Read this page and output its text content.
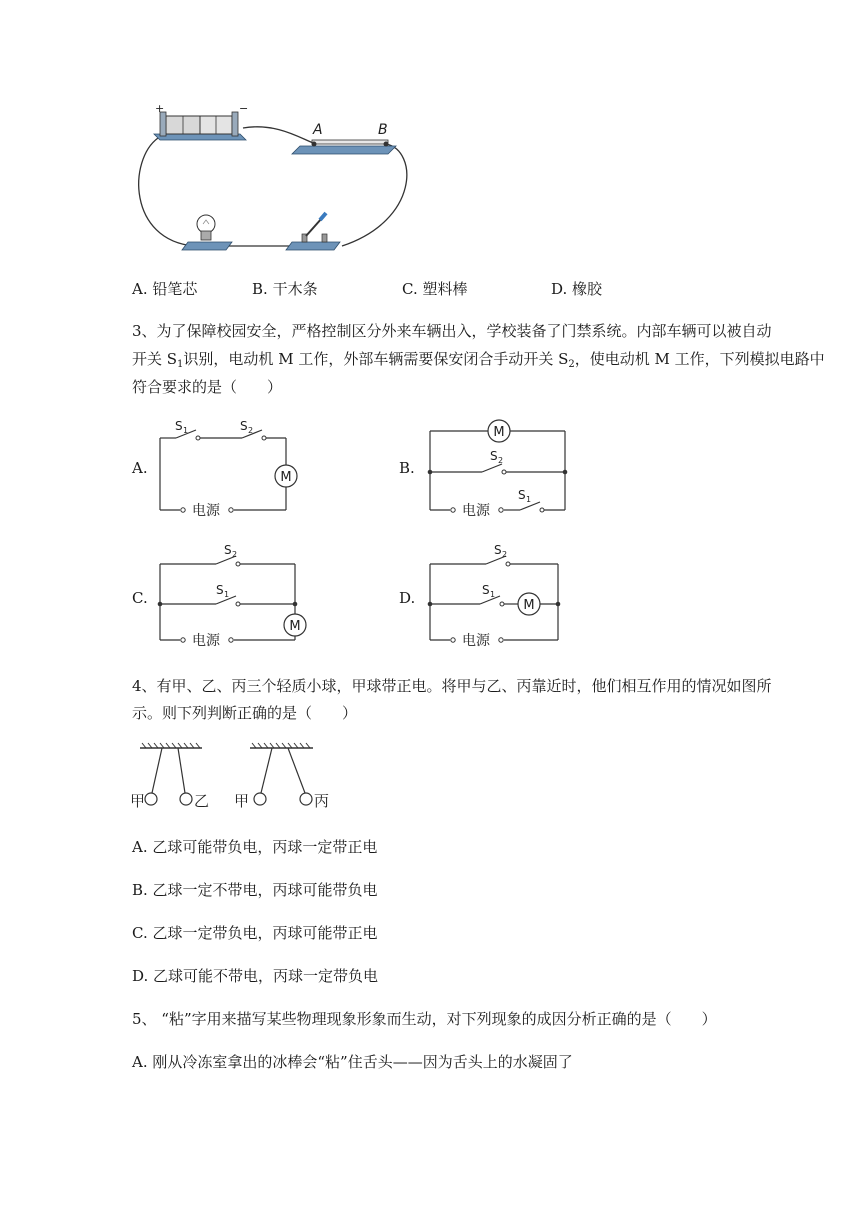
+	−
A	B
A. 铅笔芯	B. 干木条	C. 塑料棒	D. 橡胶
3、为了保障校园安全，严格控制区分外来车辆出入，学校装备了门禁系统。内部车辆可以被自动
开关 $S_1$识别，电动机 M 工作，外部车辆需要保安闭合手动开关 $S_2$，使电动机 M 工作，下列模拟电路中
符合要求的是（　　）
A.
M
S 1	S 2
电源
B.
M
S 2
S 1
电源
C.
M
S 2
S 1
电源
D.	M
S 2
S 1
电源
4、有甲、乙、丙三个轻质小球，甲球带正电。将甲与乙、丙靠近时，他们相互作用的情况如图所
示。则下列判断正确的是（　　）
甲	乙 甲	丙
A. 乙球可能带负电，丙球一定带正电
B. 乙球一定不带电，丙球可能带负电
C. 乙球一定带负电，丙球可能带正电
D. 乙球可能不带电，丙球一定带负电
5、 “粘”字用来描写某些物理现象形象而生动，对下列现象的成因分析正确的是（　　）
A. 刚从冷冻室拿出的冰棒会“粘”住舌头——因为舌头上的水凝固了
